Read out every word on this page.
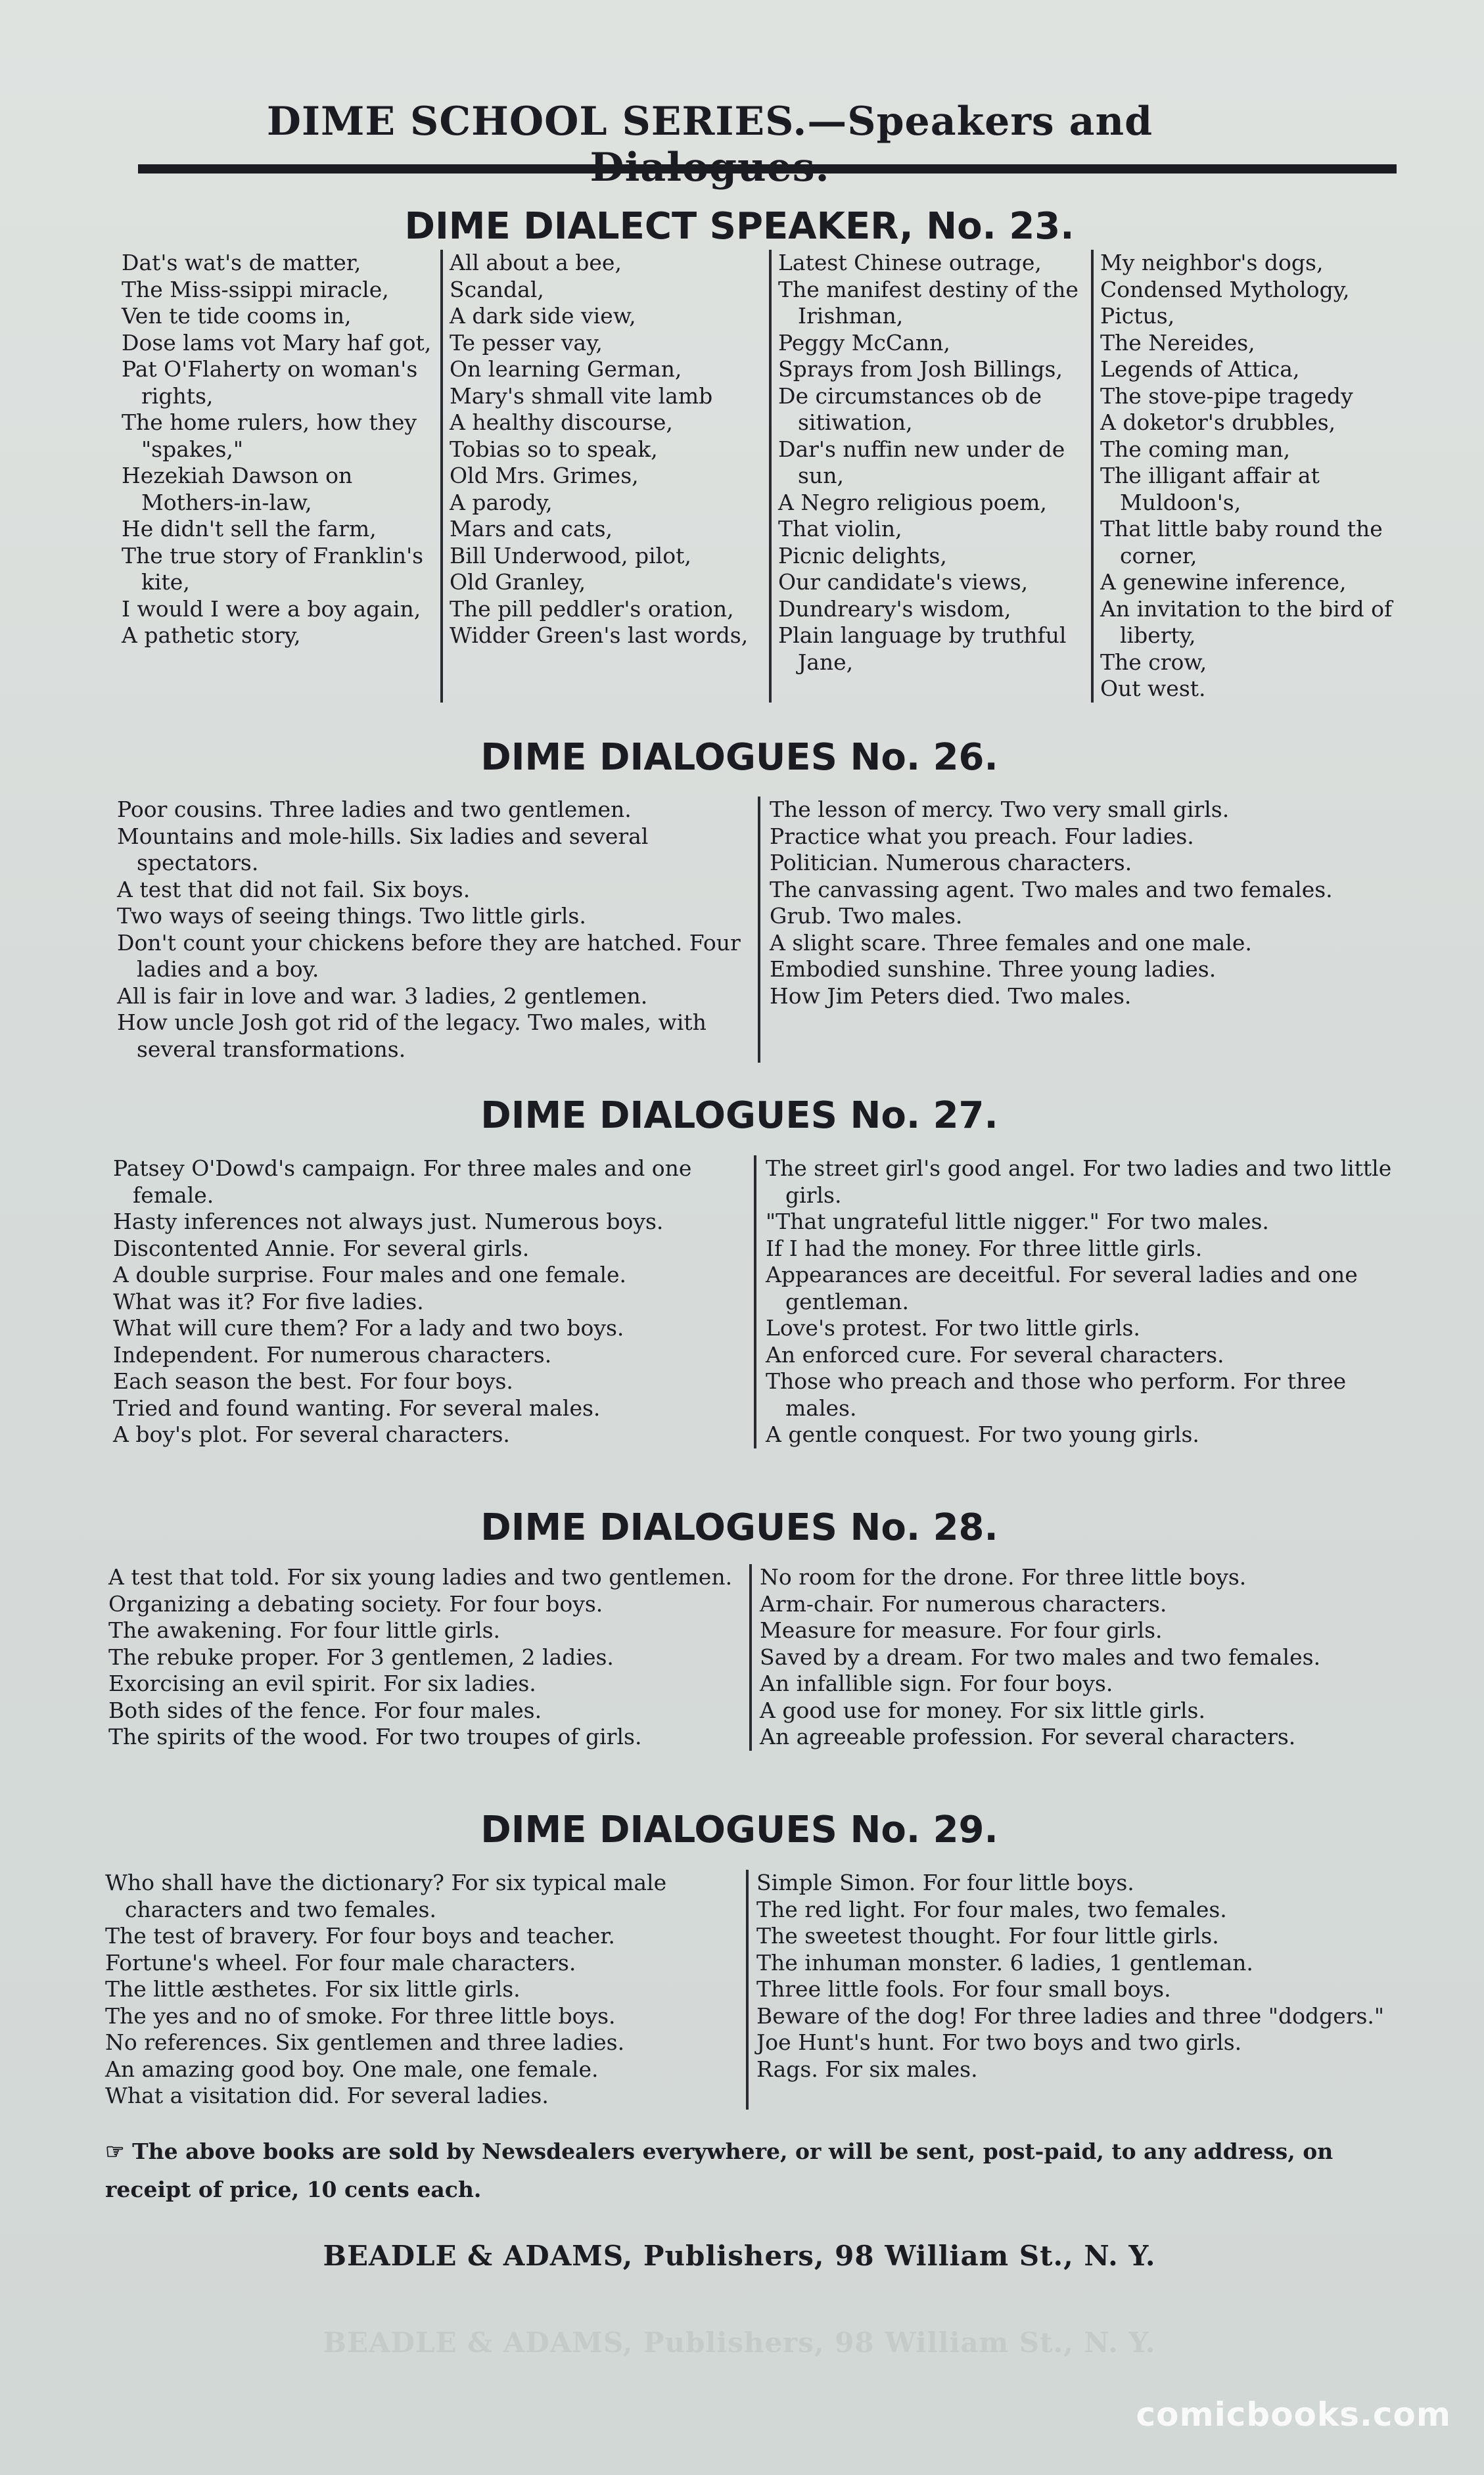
DIME SCHOOL SERIES.—Speakers and
DIME DIALECT SPEAKER, No. 23.
Dat's wat's de matter,
The Miss-ssippi miracle,
Ven te tide cooms in,
Dose lams vot Mary haf got,
Pat O'Flaherty on woman's rights,
The home rulers, how they "spakes,"
Hezekiah Dawson on Mothers-in-law,
He didn't sell the farm,
The true story of Franklin's kite,
I would I were a boy again,
A pathetic story,
All about a bee,
Scandal,
A dark side view,
Te pesser vay,
On learning German,
Mary's shmall vite lamb
A healthy discourse,
Tobias so to speak,
Old Mrs. Grimes,
A parody,
Mars and cats,
Bill Underwood, pilot,
Old Granley,
The pill peddler's oration,
Widder Green's last words,
Latest Chinese outrage,
The manifest destiny of the Irishman,
Peggy McCann,
Sprays from Josh Billings,
De circumstances ob de sitiwation,
Dar's nuffin new under de sun,
A Negro religious poem,
That violin,
Picnic delights,
Our candidate's views,
Dundreary's wisdom,
Plain language by truthful Jane,
My neighbor's dogs,
Condensed Mythology,
Pictus,
The Nereides,
Legends of Attica,
The stove-pipe tragedy
A doketor's drubbles,
The coming man,
The illigant affair at Muldoon's,
That little baby round the corner,
A genewine inference,
An invitation to the bird of liberty,
The crow,
Out west.
DIME DIALOGUES No. 26.
Poor cousins. Three ladies and two gentlemen.
Mountains and mole-hills. Six ladies and several spectators.
A test that did not fail. Six boys.
Two ways of seeing things. Two little girls.
Don't count your chickens before they are hatched. Four ladies and a boy.
All is fair in love and war. 3 ladies, 2 gentlemen.
How uncle Josh got rid of the legacy. Two males, with several transformations.
The lesson of mercy. Two very small girls.
Practice what you preach. Four ladies.
Politician. Numerous characters.
The canvassing agent. Two males and two females.
Grub. Two males.
A slight scare. Three females and one male.
Embodied sunshine. Three young ladies.
How Jim Peters died. Two males.
DIME DIALOGUES No. 27.
Patsey O'Dowd's campaign. For three males and one female.
Hasty inferences not always just. Numerous boys.
Discontented Annie. For several girls.
A double surprise. Four males and one female.
What was it? For five ladies.
What will cure them? For a lady and two boys.
Independent. For numerous characters.
Each season the best. For four boys.
Tried and found wanting. For several males.
A boy's plot. For several characters.
The street girl's good angel. For two ladies and two little girls.
"That ungrateful little nigger." For two males.
If I had the money. For three little girls.
Appearances are deceitful. For several ladies and one gentleman.
Love's protest. For two little girls.
An enforced cure. For several characters.
Those who preach and those who perform. For three males.
A gentle conquest. For two young girls.
DIME DIALOGUES No. 28.
A test that told. For six young ladies and two gentlemen.
Organizing a debating society. For four boys.
The awakening. For four little girls.
The rebuke proper. For 3 gentlemen, 2 ladies.
Exorcising an evil spirit. For six ladies.
Both sides of the fence. For four males.
The spirits of the wood. For two troupes of girls.
No room for the drone. For three little boys.
Arm-chair. For numerous characters.
Measure for measure. For four girls.
Saved by a dream. For two males and two females.
An infallible sign. For four boys.
A good use for money. For six little girls.
An agreeable profession. For several characters.
DIME DIALOGUES No. 29.
Who shall have the dictionary? For six typical male characters and two females.
The test of bravery. For four boys and teacher.
Fortune's wheel. For four male characters.
The little æsthetes. For six little girls.
The yes and no of smoke. For three little boys.
No references. Six gentlemen and three ladies.
An amazing good boy. One male, one female.
What a visitation did. For several ladies.
Simple Simon. For four little boys.
The red light. For four males, two females.
The sweetest thought. For four little girls.
The inhuman monster. 6 ladies, 1 gentleman.
Three little fools. For four small boys.
Beware of the dog! For three ladies and three "dodgers."
Joe Hunt's hunt. For two boys and two girls.
Rags. For six males.
☞ The above books are sold by Newsdealers everywhere, or will be sent, post-paid, to any address, on receipt of price, 10 cents each.
BEADLE & ADAMS, Publishers, 98 William St., N. Y.
BEADLE & ADAMS, Publishers, 98 William St., N. Y.
comicbooks.com
